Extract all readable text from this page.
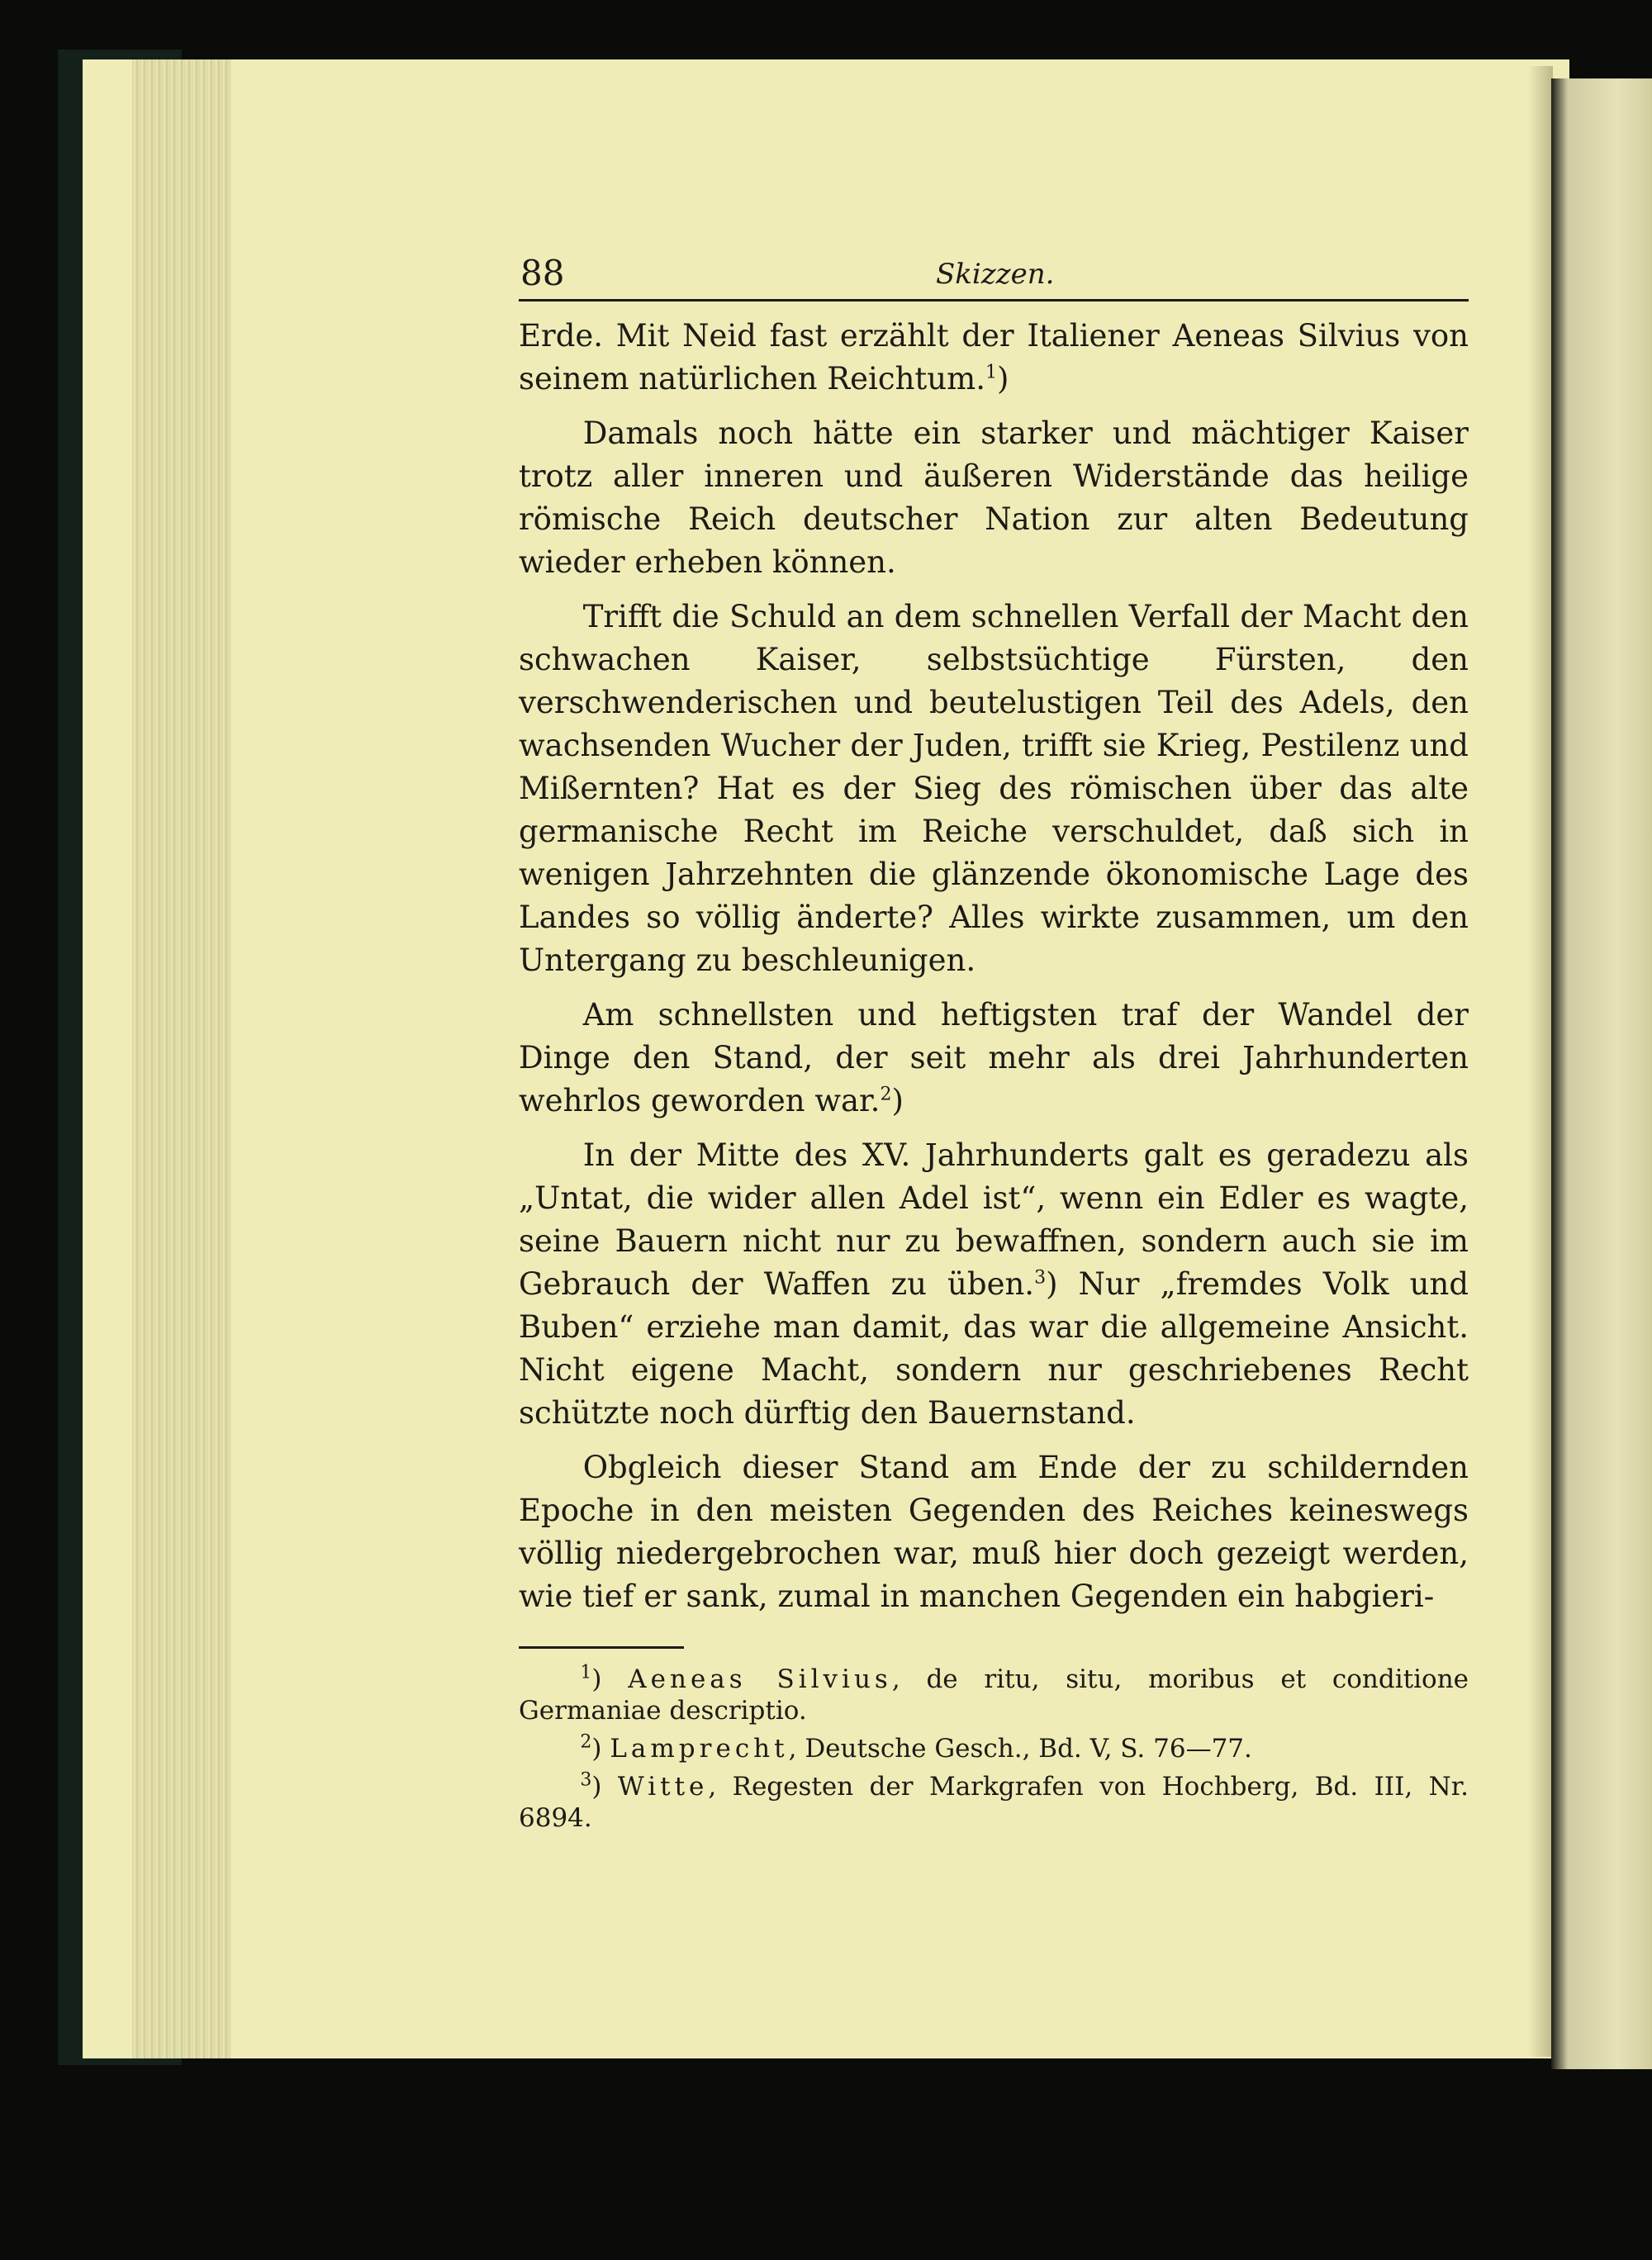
88	Skizzen.

Erde. Mit Neid fast erzählt der Italiener Aeneas Silvius von seinem natürlichen Reichtum.$^1$)

Damals noch hätte ein starker und mächtiger Kaiser trotz aller inneren und äußeren Widerstände das heilige römische Reich deutscher Nation zur alten Bedeutung wieder erheben können.

Trifft die Schuld an dem schnellen Verfall der Macht den schwachen Kaiser, selbstsüchtige Fürsten, den verschwenderischen und beutelustigen Teil des Adels, den wachsenden Wucher der Juden, trifft sie Krieg, Pestilenz und Mißernten? Hat es der Sieg des römischen über das alte germanische Recht im Reiche verschuldet, daß sich in wenigen Jahrzehnten die glänzende ökonomische Lage des Landes so völlig änderte? Alles wirkte zusammen, um den Untergang zu beschleunigen.

Am schnellsten und heftigsten traf der Wandel der Dinge den Stand, der seit mehr als drei Jahrhunderten wehrlos geworden war.$^2$)

In der Mitte des XV. Jahrhunderts galt es geradezu als „Untat, die wider allen Adel ist“, wenn ein Edler es wagte, seine Bauern nicht nur zu bewaffnen, sondern auch sie im Gebrauch der Waffen zu üben.$^3$) Nur „fremdes Volk und Buben“ erziehe man damit, das war die allgemeine Ansicht. Nicht eigene Macht, sondern nur geschriebenes Recht schützte noch dürftig den Bauernstand.

Obgleich dieser Stand am Ende der zu schildernden Epoche in den meisten Gegenden des Reiches keineswegs völlig niedergebrochen war, muß hier doch gezeigt werden, wie tief er sank, zumal in manchen Gegenden ein habgieri-

$^1$) Aeneas Silvius, de ritu, situ, moribus et conditione Germaniae descriptio.

$^2$) Lamprecht, Deutsche Gesch., Bd. V, S. 76—77.

$^3$) Witte, Regesten der Markgrafen von Hochberg, Bd. III, Nr. 6894.
